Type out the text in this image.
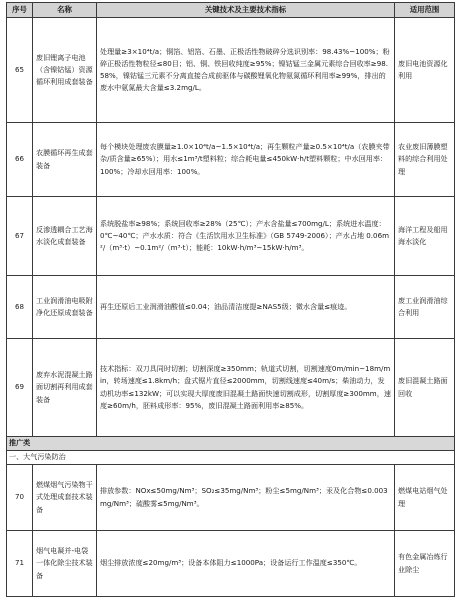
序号	名称	关键技术及主要技术指标	适用范围
65	废旧锂离子电池（含镍钴锰）资源循环利用成套装备	处理量≥3×10⁴t/a；铜箔、铝箔、石墨、正极活性物破碎分选识别率：98.43%~100%；粉碎正极活性物粒径≤80目；铝、铜、铁回收纯度≥95%；镍钴锰三金属元素综合回收率≥98.58%，镍钴锰三元素不分离直接合成前驱体与碳酸锂氧化物氨氮循环利用率≥99%，排出的废水中氨氮最大含量≤3.2mg/L。	废旧电池资源化利用
66	农膜循环再生成套装备	每个模块处理废农膜量≥1.0×10⁴t/a~1.5×10⁴t/a；再生颗粒产量≥0.5×10⁴t/a（农膜夹带杂/质含量≥65%）；用水≤1m³/t塑料粒；综合耗电量≤450kW·h/t塑料颗粒；中水回用率：100%；冷却水回用率：100%。	农业废旧薄膜塑料的综合利用处理
67	反渗透耦合工艺海水淡化成套装备	系统脱盐率≥98%；系统回收率≥28%（25℃）；产水含盐量≤700mg/L；系统进水温度：0℃~40℃；产水水质：符合《生活饮用水卫生标准》（GB 5749-2006）；产水占地 0.06m²/（m³·t）~0.1m²/（m³·t）；能耗：10kW·h/m³~15kW·h/m³。	海洋工程及船用海水淡化
68	工业润滑油电吸附净化还原成套装备	再生还原后工业润滑油酸值≤0.04；油品清洁度提≥NAS5级；微水含量≤痕迹。	废工业润滑油综合利用
69	废弃水泥混凝土路面切割再利用成套装备	技术指标：双刀具同时切割；切割深度≥350mm；轨道式切割，切割速度0m/min~18m/min，转场速度≤1.8km/h；盘式锯片直径≤2000mm，切割线速度≤40m/s；柴油动力，发动机功率≤132kW；可以实现大厚度废旧混凝土路面快速切割成形，切割厚度≥300mm，速度≥60m/h，胚料成形率：95%，废旧混凝土路面利用率≥85%。	废旧混凝土路面回收
推广类			
一、大气污染防治			
70	燃煤烟气污染物干式处理成套技术装备	排放参数：NOx≤50mg/Nm³；SO₂≤35mg/Nm³；粉尘≤5mg/Nm³；汞及化合物≤0.003mg/Nm³；硫酸雾≤5mg/Nm³。	燃煤电站烟气处理
71	烟气电凝并-电袋一体化除尘技术装备	烟尘排放浓度≤20mg/m³；设备本体阻力≤1000Pa；设备运行工作温度≤350℃。	有色金属冶炼行业除尘
